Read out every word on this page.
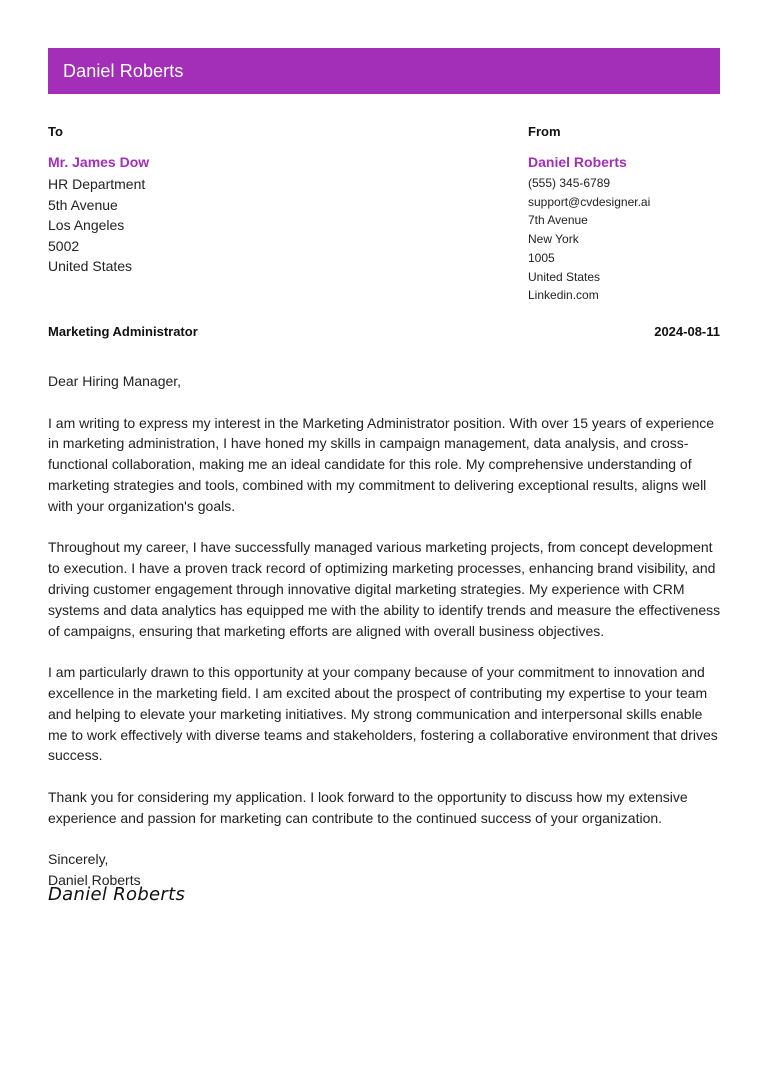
Daniel Roberts
To
Mr. James Dow
HR Department
5th Avenue
Los Angeles
5002
United States
From
Daniel Roberts
(555) 345-6789
support@cvdesigner.ai
7th Avenue
New York
1005
United States
Linkedin.com
Marketing Administrator	2024-08-11

Dear Hiring Manager,

I am writing to express my interest in the Marketing Administrator position. With over 15 years of experience in marketing administration, I have honed my skills in campaign management, data analysis, and cross-functional collaboration, making me an ideal candidate for this role. My comprehensive understanding of marketing strategies and tools, combined with my commitment to delivering exceptional results, aligns well with your organization's goals.

Throughout my career, I have successfully managed various marketing projects, from concept development to execution. I have a proven track record of optimizing marketing processes, enhancing brand visibility, and driving customer engagement through innovative digital marketing strategies. My experience with CRM systems and data analytics has equipped me with the ability to identify trends and measure the effectiveness of campaigns, ensuring that marketing efforts are aligned with overall business objectives.

I am particularly drawn to this opportunity at your company because of your commitment to innovation and excellence in the marketing field. I am excited about the prospect of contributing my expertise to your team and helping to elevate your marketing initiatives. My strong communication and interpersonal skills enable me to work effectively with diverse teams and stakeholders, fostering a collaborative environment that drives success.

Thank you for considering my application. I look forward to the opportunity to discuss how my extensive experience and passion for marketing can contribute to the continued success of your organization.

Sincerely,
Daniel Roberts
Daniel Roberts
